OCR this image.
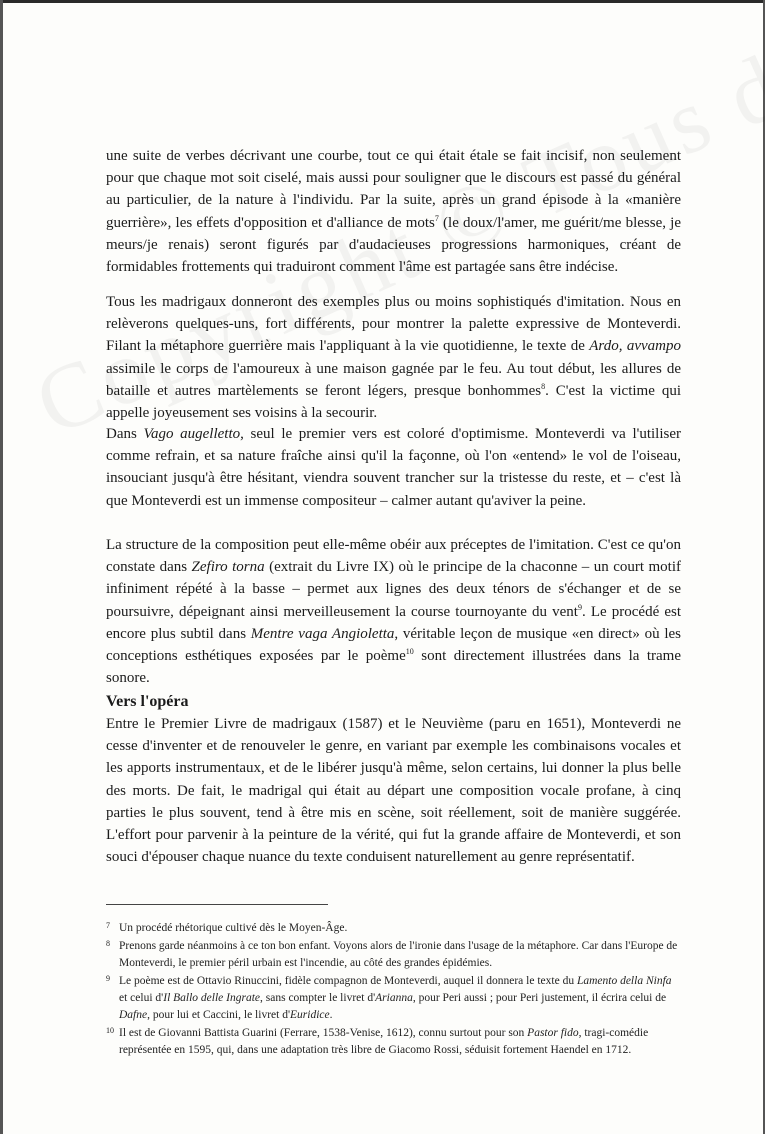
une suite de verbes décrivant une courbe, tout ce qui était étale se fait incisif, non seulement pour que chaque mot soit ciselé, mais aussi pour souligner que le discours est passé du général au particulier, de la nature à l'individu. Par la suite, après un grand épisode à la «manière guerrière», les effets d'opposition et d'alliance de mots$^7$ (le doux/l'amer, me guérit/me blesse, je meurs/je renais) seront figurés par d'audacieuses progressions harmoniques, créant de formidables frottements qui traduiront comment l'âme est partagée sans être indécise.

Tous les madrigaux donneront des exemples plus ou moins sophistiqués d'imitation. Nous en relèverons quelques-uns, fort différents, pour montrer la palette expressive de Monteverdi. Filant la métaphore guerrière mais l'appliquant à la vie quotidienne, le texte de Ardo, avvampo assimile le corps de l'amoureux à une maison gagnée par le feu. Au tout début, les allures de bataille et autres martèlements se feront légers, presque bonhommes$^8$. C'est la victime qui appelle joyeusement ses voisins à la secourir.

Dans Vago augelletto, seul le premier vers est coloré d'optimisme. Monteverdi va l'utiliser comme refrain, et sa nature fraîche ainsi qu'il la façonne, où l'on «entend» le vol de l'oiseau, insouciant jusqu'à être hésitant, viendra souvent trancher sur la tristesse du reste, et – c'est là que Monteverdi est un immense compositeur – calmer autant qu'aviver la peine.

La structure de la composition peut elle-même obéir aux préceptes de l'imitation. C'est ce qu'on constate dans Zefiro torna (extrait du Livre IX) où le principe de la chaconne – un court motif infiniment répété à la basse – permet aux lignes des deux ténors de s'échanger et de se poursuivre, dépeignant ainsi merveilleusement la course tournoyante du vent$^9$. Le procédé est encore plus subtil dans Mentre vaga Angioletta, véritable leçon de musique «en direct» où les conceptions esthétiques exposées par le poème$^{10}$ sont directement illustrées dans la trame sonore.

Vers l'opéra

Entre le Premier Livre de madrigaux (1587) et le Neuvième (paru en 1651), Monteverdi ne cesse d'inventer et de renouveler le genre, en variant par exemple les combinaisons vocales et les apports instrumentaux, et de le libérer jusqu'à même, selon certains, lui donner la plus belle des morts. De fait, le madrigal qui était au départ une composition vocale profane, à cinq parties le plus souvent, tend à être mis en scène, soit réellement, soit de manière suggérée. L'effort pour parvenir à la peinture de la vérité, qui fut la grande affaire de Monteverdi, et son souci d'épouser chaque nuance du texte conduisent naturellement au genre représentatif.

7 Un procédé rhétorique cultivé dès le Moyen-Âge.

8 Prenons garde néanmoins à ce ton bon enfant. Voyons alors de l'ironie dans l'usage de la métaphore. Car dans l'Europe de Monteverdi, le premier péril urbain est l'incendie, au côté des grandes épidémies.

9 Le poème est de Ottavio Rinuccini, fidèle compagnon de Monteverdi, auquel il donnera le texte du Lamento della Ninfa et celui d'Il Ballo delle Ingrate, sans compter le livret d'Arianna, pour Peri aussi ; pour Peri justement, il écrira celui de Dafne, pour lui et Caccini, le livret d'Euridice.

10 Il est de Giovanni Battista Guarini (Ferrare, 1538-Venise, 1612), connu surtout pour son Pastor fido, tragi-comédie représentée en 1595, qui, dans une adaptation très libre de Giacomo Rossi, séduisit fortement Haendel en 1712.
